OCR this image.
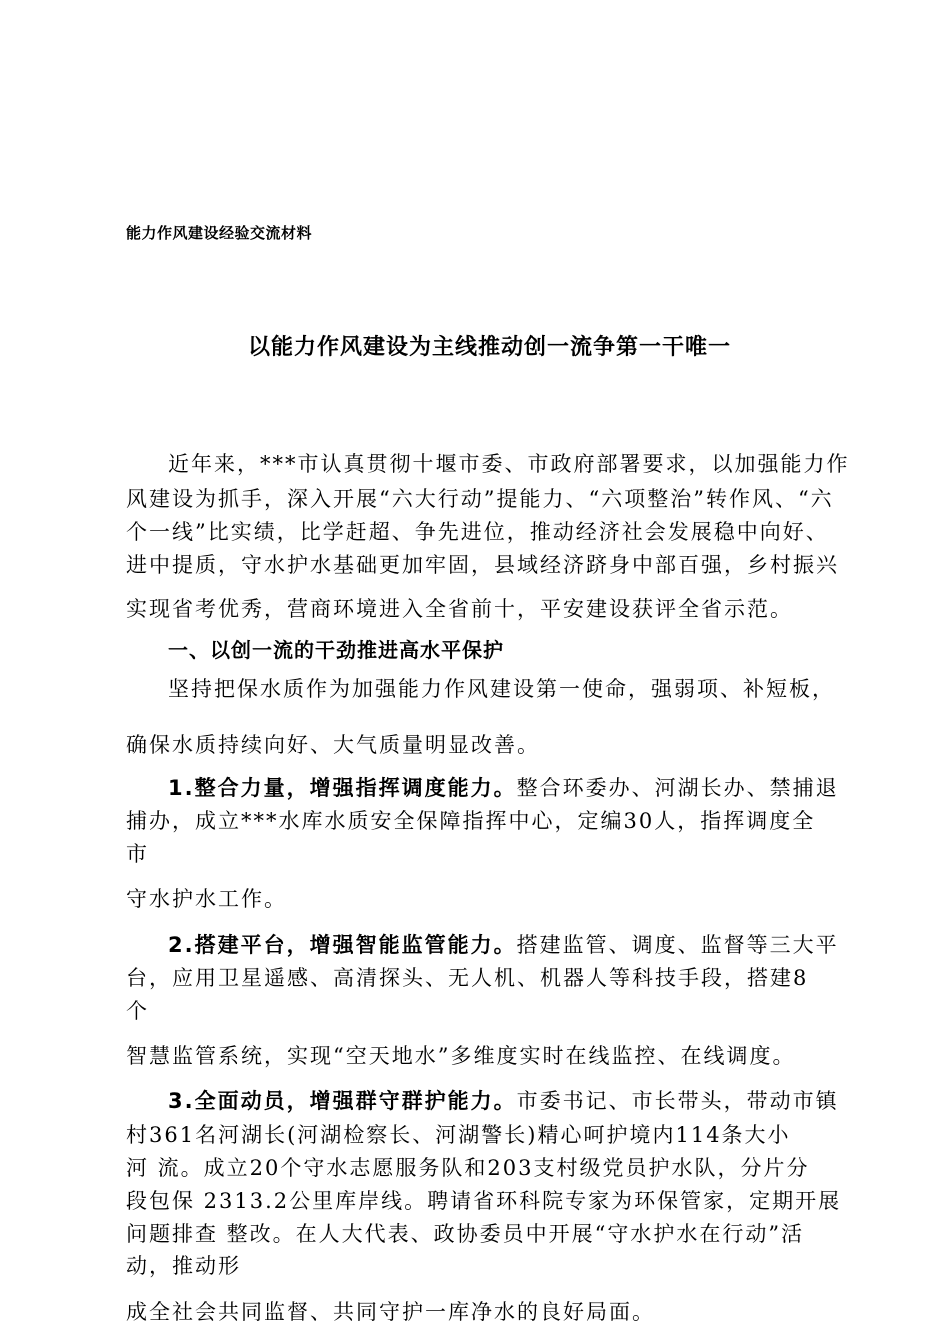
能力作风建设经验交流材料
以能力作风建设为主线推动创一流争第一干唯一
近年来，***市认真贯彻十堰市委、市政府部署要求，以加强能力作
风建设为抓手，深入开展“六大行动”提能力、“六项整治”转作风、“六
个一线”比实绩，比学赶超、争先进位，推动经济社会发展稳中向好、
进中提质，守水护水基础更加牢固，县域经济跻身中部百强，乡村振兴
实现省考优秀，营商环境进入全省前十，平安建设获评全省示范。
一、以创一流的干劲推进高水平保护
坚持把保水质作为加强能力作风建设第一使命，强弱项、补短板，
确保水质持续向好、大气质量明显改善。
1.整合力量，增强指挥调度能力。整合环委办、河湖长办、禁捕退
捕办，成立***水库水质安全保障指挥中心，定编30人，指挥调度全
市
守水护水工作。
2.搭建平台，增强智能监管能力。搭建监管、调度、监督等三大平
台，应用卫星遥感、高清探头、无人机、机器人等科技手段，搭建8
个
智慧监管系统，实现“空天地水”多维度实时在线监控、在线调度。
3.全面动员，增强群守群护能力。市委书记、市长带头，带动市镇
村361名河湖长(河湖检察长、河湖警长)精心呵护境内114条大小
河 流。成立20个守水志愿服务队和203支村级党员护水队，分片分
段包保 2313.2公里库岸线。聘请省环科院专家为环保管家，定期开展
问题排查 整改。在人大代表、政协委员中开展“守水护水在行动”活
动，推动形
成全社会共同监督、共同守护一库净水的良好局面。
